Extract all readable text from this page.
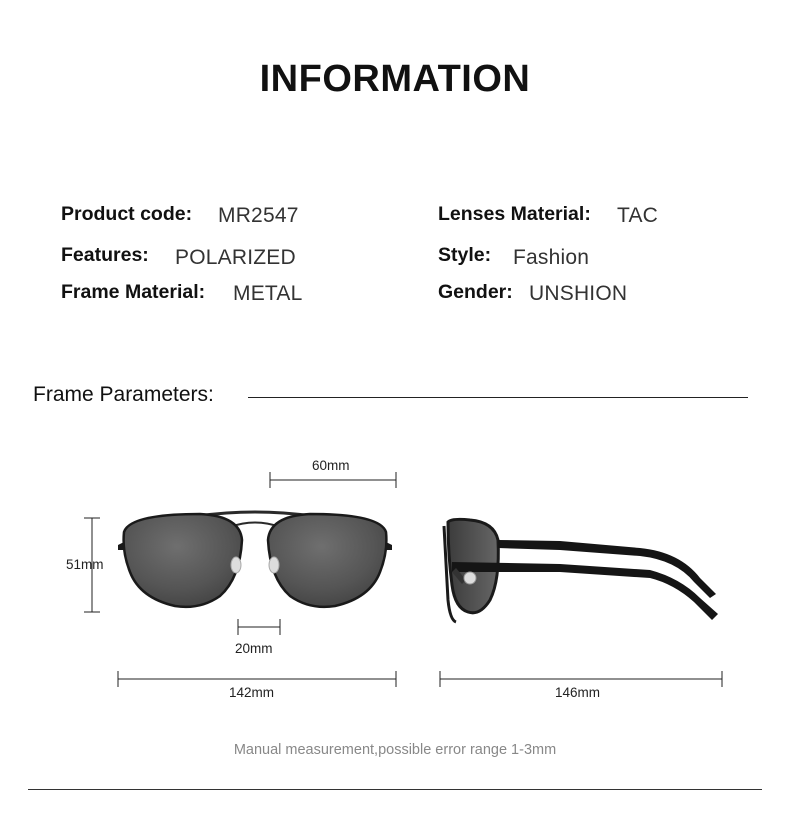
INFORMATION
Product code: MR2547
Features: POLARIZED
Frame Material: METAL
Lenses Material: TAC
Style: Fashion
Gender: UNSHION
Frame Parameters:
60mm
51mm
20mm
142mm	146mm
Manual measurement,possible error range 1-3mm
